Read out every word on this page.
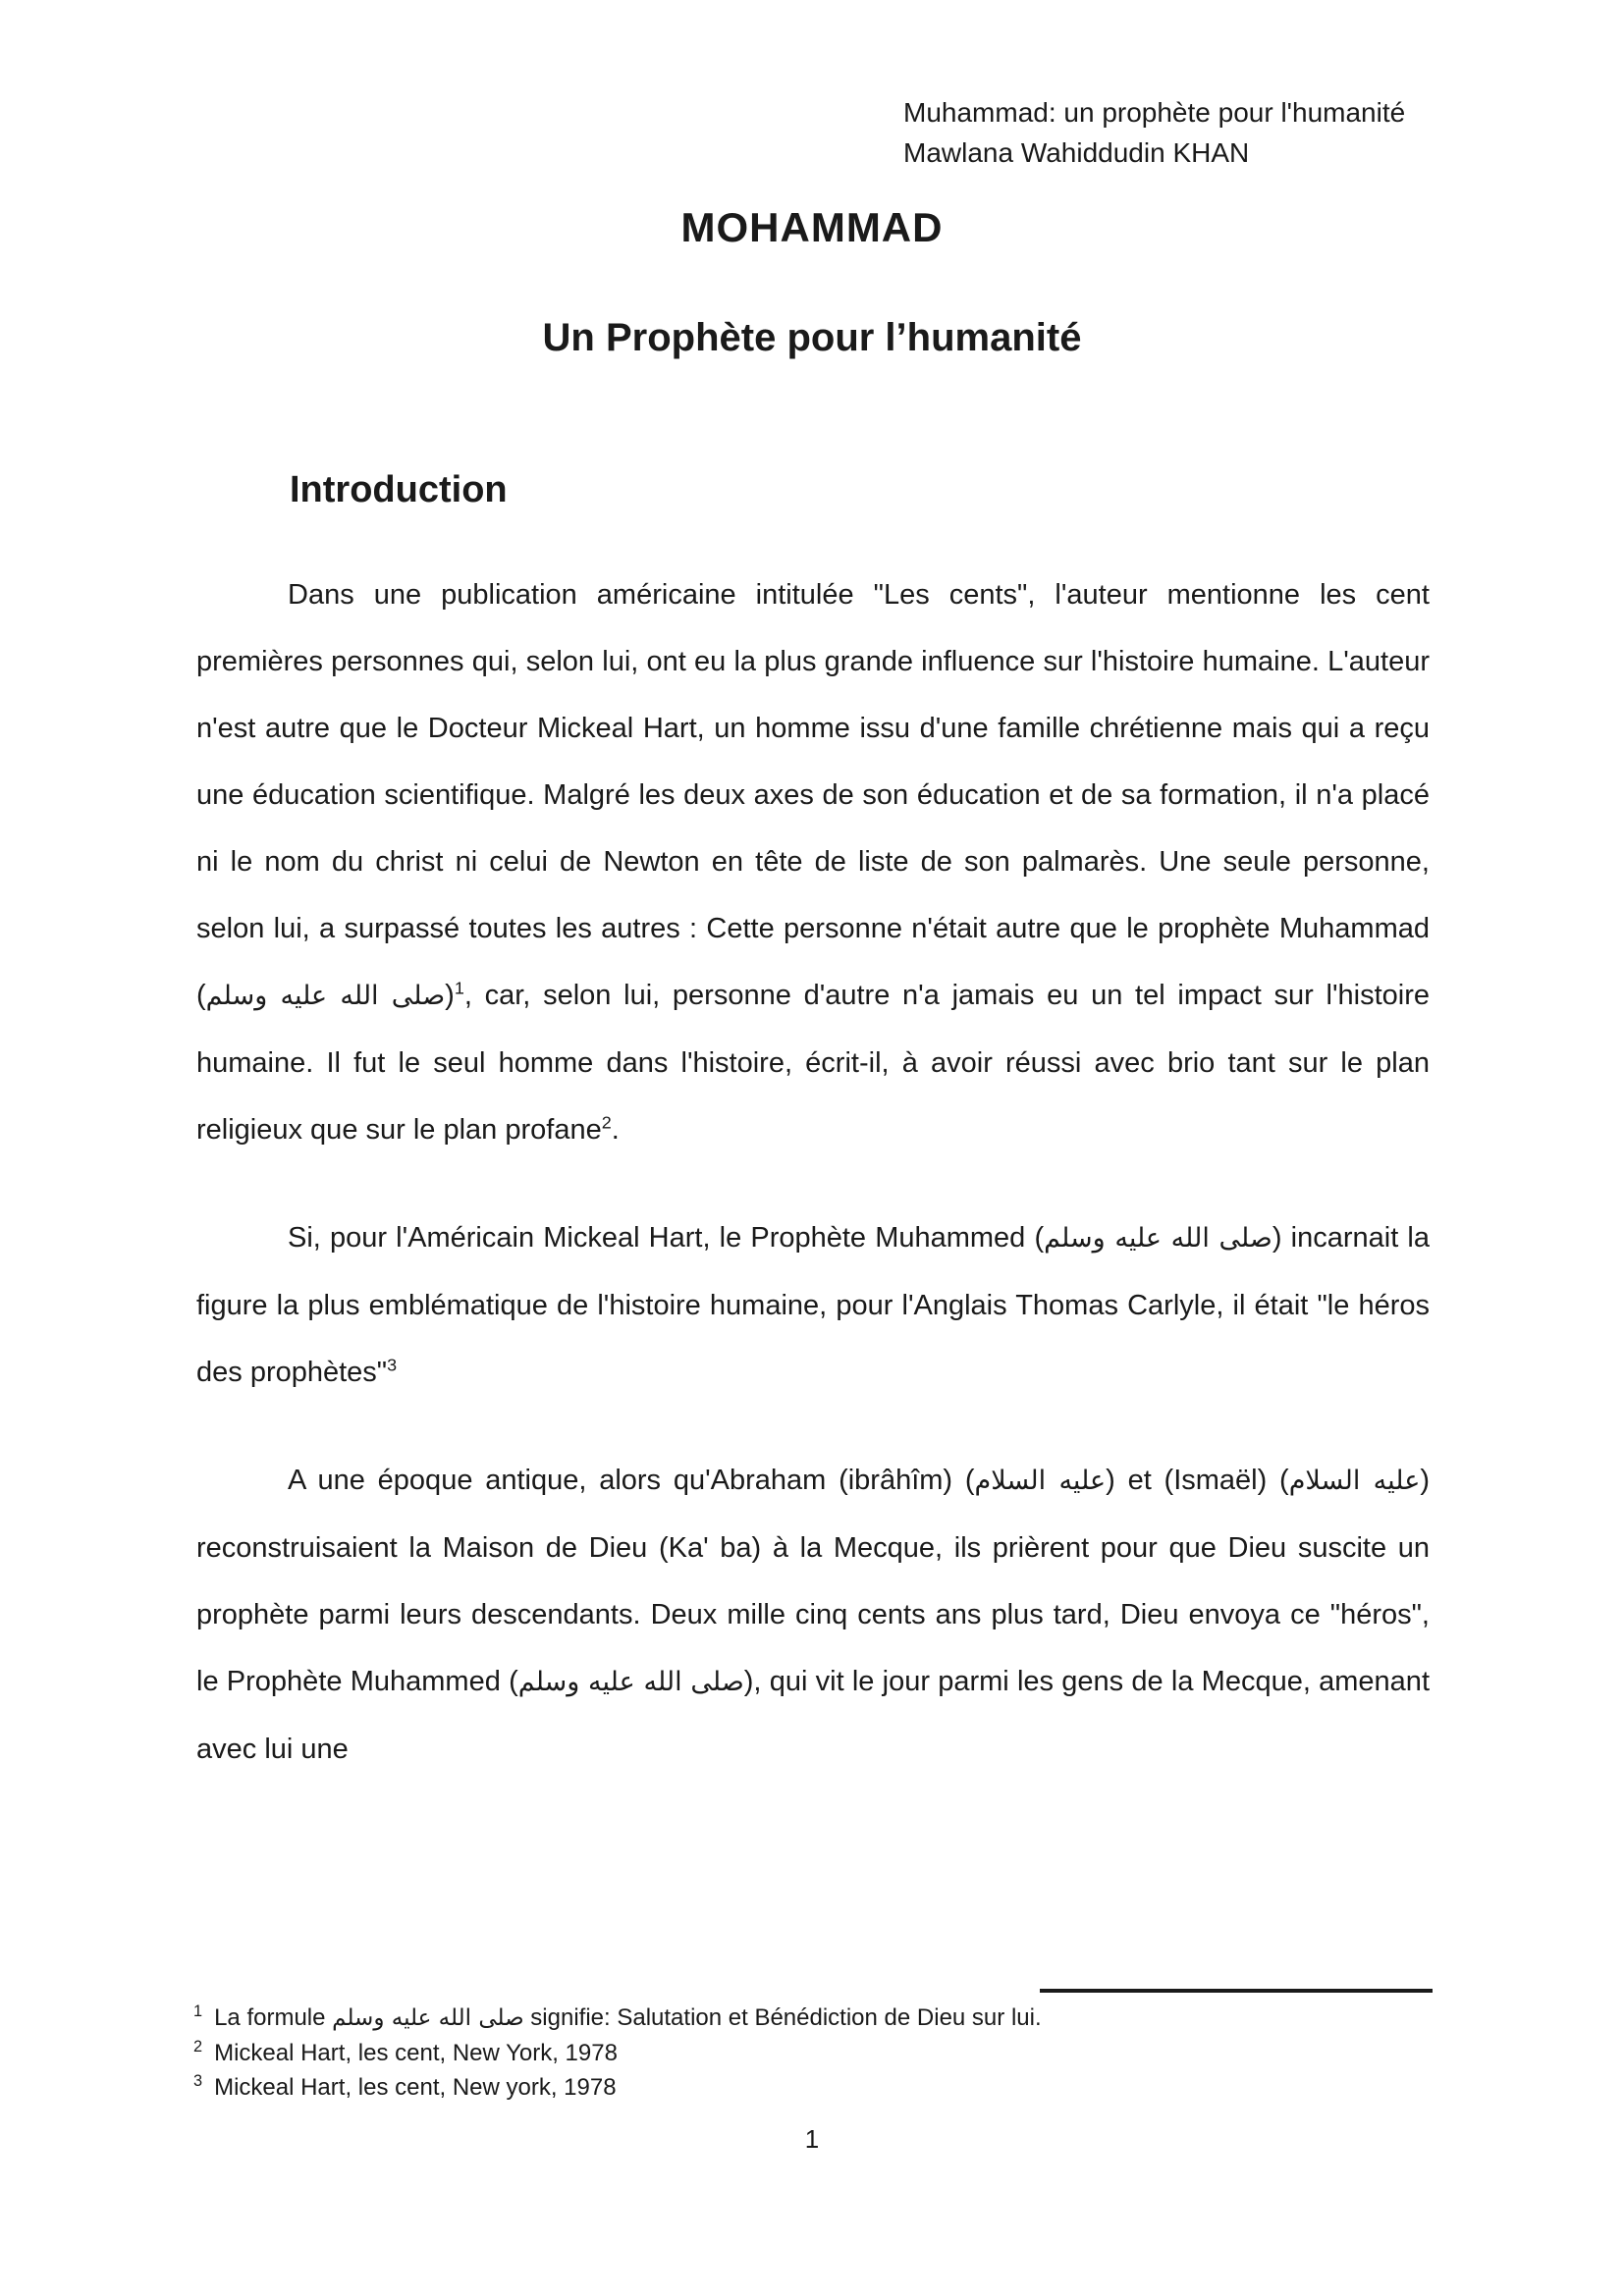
Muhammad: un prophète pour l'humanité
Mawlana Wahiddudin KHAN
MOHAMMAD
Un Prophète pour l’humanité
Introduction
Dans une publication américaine intitulée "Les cents", l'auteur mentionne les cent premières personnes qui, selon lui, ont eu la plus grande influence sur l'histoire humaine. L'auteur n'est autre que le Docteur Mickeal Hart, un homme issu d'une famille chrétienne mais qui a reçu une éducation scientifique. Malgré les deux axes de son éducation et de sa formation, il n'a placé ni le nom du christ ni celui de Newton en tête de liste de son palmarès. Une seule personne, selon lui, a surpassé toutes les autres : Cette personne n'était autre que le prophète Muhammad (صلى الله عليه وسلم)$^1$, car, selon lui, personne d'autre n'a jamais eu un tel impact sur l'histoire humaine. Il fut le seul homme dans l'histoire, écrit-il, à avoir réussi avec brio tant sur le plan religieux que sur le plan profane$^2$.
Si, pour l'Américain Mickeal Hart, le Prophète Muhammed (صلى الله عليه وسلم) incarnait la figure la plus emblématique de l'histoire humaine, pour l'Anglais Thomas Carlyle, il était "le héros des prophètes"$^3$
A une époque antique, alors qu'Abraham (ibrâhîm) (عليه السلام) et (Ismaël) (عليه السلام) reconstruisaient la Maison de Dieu (Ka' ba) à la Mecque, ils prièrent pour que Dieu suscite un prophète parmi leurs descendants. Deux mille cinq cents ans plus tard, Dieu envoya ce "héros", le Prophète Muhammed (صلى الله عليه وسلم), qui vit le jour parmi les gens de la Mecque, amenant avec lui une
$^1$ La formule صلى الله عليه وسلم signifie: Salutation et Bénédiction de Dieu sur lui.
$^2$ Mickeal Hart, les cent, New York, 1978
$^3$ Mickeal Hart, les cent, New york, 1978
1
